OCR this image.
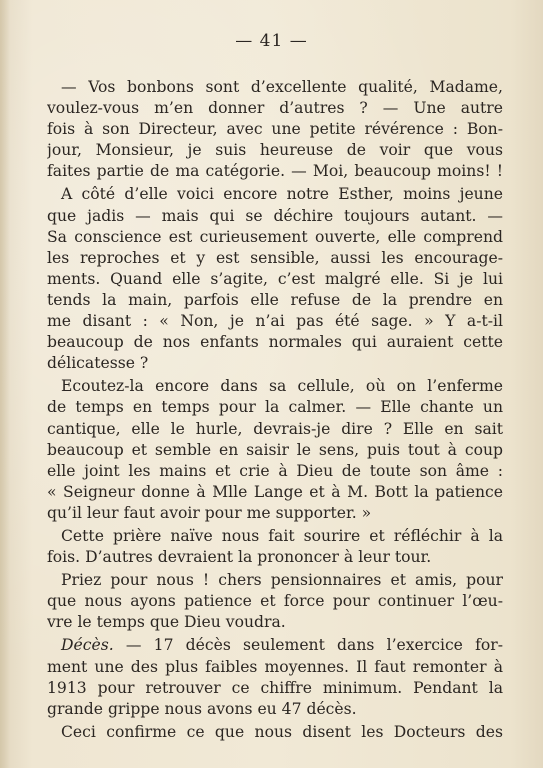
— 41 —
— Vos bonbons sont d’excellente qualité, Madame,
voulez-vous m’en donner d’autres ? — Une autre
fois à son Directeur, avec une petite révérence : Bon-
jour, Monsieur, je suis heureuse de voir que vous
faites partie de ma catégorie. — Moi, beaucoup moins! !
A côté d’elle voici encore notre Esther, moins jeune
que jadis — mais qui se déchire toujours autant. —
Sa conscience est curieusement ouverte, elle comprend
les reproches et y est sensible, aussi les encourage-
ments. Quand elle s’agite, c’est malgré elle. Si je lui
tends la main, parfois elle refuse de la prendre en
me disant : « Non, je n’ai pas été sage. » Y a-t-il
beaucoup de nos enfants normales qui auraient cette
délicatesse ?
Ecoutez-la encore dans sa cellule, où on l’enferme
de temps en temps pour la calmer. — Elle chante un
cantique, elle le hurle, devrais-je dire ? Elle en sait
beaucoup et semble en saisir le sens, puis tout à coup
elle joint les mains et crie à Dieu de toute son âme :
« Seigneur donne à Mlle Lange et à M. Bott la patience
qu’il leur faut avoir pour me supporter. »
Cette prière naïve nous fait sourire et réfléchir à la
fois. D’autres devraient la prononcer à leur tour.
Priez pour nous ! chers pensionnaires et amis, pour
que nous ayons patience et force pour continuer l’œu-
vre le temps que Dieu voudra.
Décès. — 17 décès seulement dans l’exercice for-
ment une des plus faibles moyennes. Il faut remonter à
1913 pour retrouver ce chiffre minimum. Pendant la
grande grippe nous avons eu 47 décès.
Ceci confirme ce que nous disent les Docteurs des
